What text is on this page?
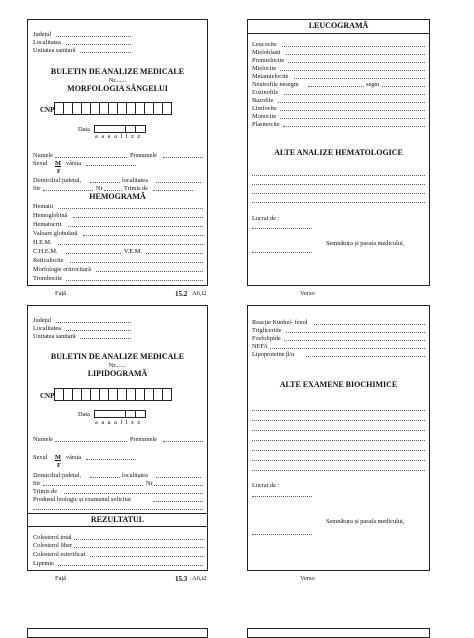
Județul
Localitatea
Unitatea sanitară
BULETIN DE ANALIZE MEDICALE
Nr.......
MORFOLOGIA SÂNGELUI
CNP
Data
a a a a l l z z
Numele	Prenumele
Sexul M vârsta
F
Domiciliul:județul,	localitatea
Str	Nr	Trimis de
HEMOGRAMĂ
Hematii
Hemoglobină
Hematocrit
Valoare globulară
H.E.M.
C.H.E.M.	V.E.M.
Reticulocite
Morfologie eritrocitară
Trombocite
Față	15.2 A6,t2
LEUCOGRAMĂ
Leucocite
Mieloblasti
Promielocite
Mielocite
Metamielocite
Neutrofile nesegm	segm
Eozinofile
Bazofile
Limfocite
Monocite
Plasmocite
ALTE ANALIZE HEMATOLOGICE
Lucrat de :
Semnătura și parafa medicului,
Verso
Județul
Localitatea
Unitatea sanitară
BULETIN DE ANALIZE MEDICALE
Nr.......
LIPIDOGRAMĂ
CNP
Data
a a a a l l z z
Numele	Prenumele
Sexul M vârsta
F
Domiciliul:județul,	localitatea
Str	Nr
Trimis de
Produsul biologic și examenul solicitat
REZULTATUL
Colesterol total
Colesterol liber
Colesterol esterificat
Lipemie
Față	15.3 A6,t2
Reacție Kunkel- fenol
Trigliceride
Fosfolipide
NEFA
Lipoproteine β/α
ALTE EXAMENE BIOCHIMICE
Lucrat de :
Semnătura și parafa medicului,
Verso
